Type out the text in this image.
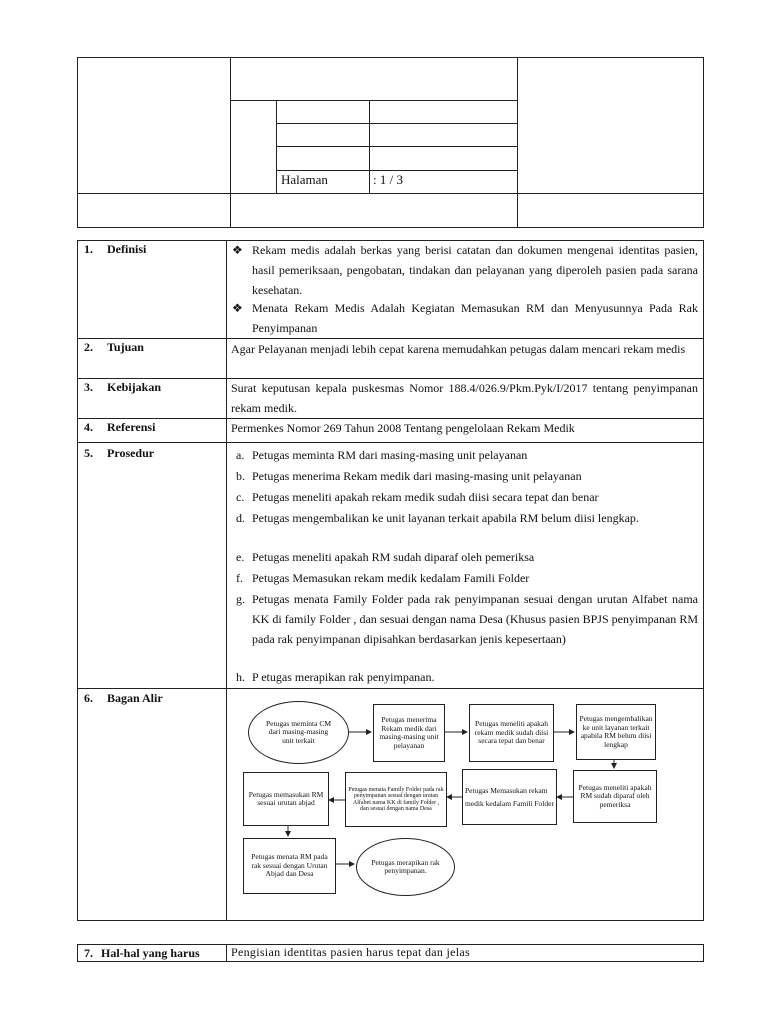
Halaman	: 1 / 3
1. Definisi
2. Tujuan
3. Kebijakan
4. Referensi
5. Prosedur
6. Bagan Alir
❖ Rekam medis adalah berkas yang berisi catatan dan dokumen mengenai identitas pasien, hasil pemeriksaan, pengobatan, tindakan dan pelayanan yang diperoleh pasien pada sarana kesehatan.
❖ Menata Rekam Medis Adalah Kegiatan Memasukan RM dan Menyusunnya Pada Rak Penyimpanan
Agar Pelayanan menjadi lebih cepat karena memudahkan petugas dalam mencari rekam medis
Surat keputusan kepala puskesmas Nomor 188.4/026.9/Pkm.Pyk/I/2017 tentang penyimpanan rekam medik.
Permenkes Nomor 269 Tahun 2008 Tentang pengelolaan Rekam Medik
a. Petugas meminta RM dari masing-masing unit pelayanan
b. Petugas menerima Rekam medik dari masing-masing unit pelayanan
c. Petugas meneliti apakah rekam medik sudah diisi secara tepat dan benar
d. Petugas mengembalikan ke unit layanan terkait apabila RM belum diisi lengkap.
e. Petugas meneliti apakah RM sudah diparaf oleh pemeriksa
f. Petugas Memasukan rekam medik kedalam Famili Folder
g. Petugas menata Family Folder pada rak penyimpanan sesuai dengan urutan Alfabet nama KK di family Folder , dan sesuai dengan nama Desa (Khusus pasien BPJS penyimpanan RM pada rak penyimpanan dipisahkan berdasarkan jenis kepesertaan)
h. P etugas merapikan rak penyimpanan.
Petugas meminta CM dari masing-masing unit terkait
Petugas menerima Rekam medik dari masing-masing unit pelayanan
Petugas meneliti apakah rekam medik sudah diisi secara tepat dan benar
Petugas mengembalikan ke unit layanan terkait apabila RM belum diisi lengkap
Petugas meneliti apakah RM sudah diparaf oleh pemeriksa
Petugas Memasukan rekam medik kedalam Famili Folder
Petugas menata Family Folder pada rak penyimpanan sesuai dengan urutan Alfabet nama KK di family Folder , dan sesuai dengan nama Desa
Petugas memasukan RM sesuai urutan abjad
Petugas menata RM pada rak sesuai dengan Urutan Abjad dan Desa
Petugas merapikan rak penyimpanan.
7. Hal-hal yang harus	Pengisian identitas pasien harus tepat dan jelas
